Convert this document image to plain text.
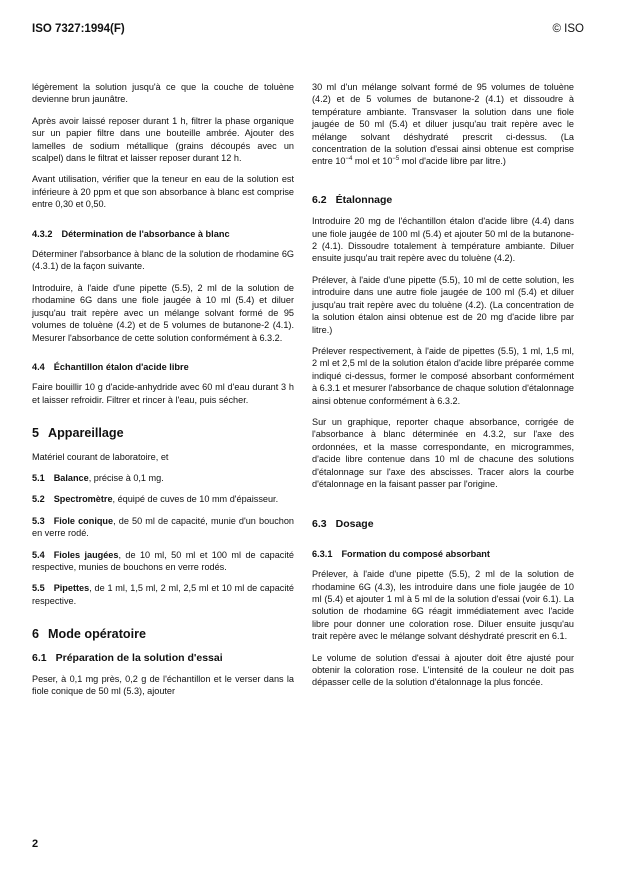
ISO 7327:1994(F)	© ISO

légèrement la solution jusqu'à ce que la couche de toluène devienne brun jaunâtre.

Après avoir laissé reposer durant 1 h, filtrer la phase organique sur un papier filtre dans une bouteille ambrée. Ajouter des lamelles de sodium métallique (grains découpés avec un scalpel) dans le filtrat et laisser reposer durant 12 h.

Avant utilisation, vérifier que la teneur en eau de la solution est inférieure à 20 ppm et que son absorbance à blanc est comprise entre 0,30 et 0,50.

4.3.2 Détermination de l'absorbance à blanc

Déterminer l'absorbance à blanc de la solution de rhodamine 6G (4.3.1) de la façon suivante.

Introduire, à l'aide d'une pipette (5.5), 2 ml de la solution de rhodamine 6G dans une fiole jaugée à 10 ml (5.4) et diluer jusqu'au trait repère avec un mélange solvant formé de 95 volumes de toluène (4.2) et de 5 volumes de butanone-2 (4.1). Mesurer l'absorbance de cette solution conformément à 6.3.2.

4.4 Échantillon étalon d'acide libre

Faire bouillir 10 g d'acide-anhydride avec 60 ml d'eau durant 3 h et laisser refroidir. Filtrer et rincer à l'eau, puis sécher.

5 Appareillage

Matériel courant de laboratoire, et

5.1 Balance, précise à 0,1 mg.

5.2 Spectromètre, équipé de cuves de 10 mm d'épaisseur.

5.3 Fiole conique, de 50 ml de capacité, munie d'un bouchon en verre rodé.

5.4 Fioles jaugées, de 10 ml, 50 ml et 100 ml de capacité respective, munies de bouchons en verre rodés.

5.5 Pipettes, de 1 ml, 1,5 ml, 2 ml, 2,5 ml et 10 ml de capacité respective.

6 Mode opératoire
6.1 Préparation de la solution d'essai

Peser, à 0,1 mg près, 0,2 g de l'échantillon et le verser dans la fiole conique de 50 ml (5.3), ajouter

30 ml d'un mélange solvant formé de 95 volumes de toluène (4.2) et de 5 volumes de butanone-2 (4.1) et dissoudre à température ambiante. Transvaser la solution dans une fiole jaugée de 50 ml (5.4) et diluer jusqu'au trait repère avec le mélange solvant déshydraté prescrit ci-dessus. (La concentration de la solution d'essai ainsi obtenue est comprise entre $10^{-4}$ mol et $10^{-5}$ mol d'acide libre par litre.)

6.2 Étalonnage

Introduire 20 mg de l'échantillon étalon d'acide libre (4.4) dans une fiole jaugée de 100 ml (5.4) et ajouter 50 ml de la butanone-2 (4.1). Dissoudre totalement à température ambiante. Diluer ensuite jusqu'au trait repère avec du toluène (4.2).

Prélever, à l'aide d'une pipette (5.5), 10 ml de cette solution, les introduire dans une autre fiole jaugée de 100 ml (5.4) et diluer jusqu'au trait repère avec du toluène (4.2). (La concentration de la solution étalon ainsi obtenue est de 20 mg d'acide libre par litre.)

Prélever respectivement, à l'aide de pipettes (5.5), 1 ml, 1,5 ml, 2 ml et 2,5 ml de la solution étalon d'acide libre préparée comme indiqué ci-dessus, former le composé absorbant conformément à 6.3.1 et mesurer l'absorbance de chaque solution d'étalonnage ainsi obtenue conformément à 6.3.2.

Sur un graphique, reporter chaque absorbance, corrigée de l'absorbance à blanc déterminée en 4.3.2, sur l'axe des ordonnées, et la masse correspondante, en microgrammes, d'acide libre contenue dans 10 ml de chacune des solutions d'étalonnage sur l'axe des abscisses. Tracer alors la courbe d'étalonnage en la faisant passer par l'origine.

6.3 Dosage
6.3.1 Formation du composé absorbant

Prélever, à l'aide d'une pipette (5.5), 2 ml de la solution de rhodamine 6G (4.3), les introduire dans une fiole jaugée de 10 ml (5.4) et ajouter 1 ml à 5 ml de la solution d'essai (voir 6.1). La solution de rhodamine 6G réagit immédiatement avec l'acide libre pour donner une coloration rose. Diluer ensuite jusqu'au trait repère avec le mélange solvant déshydraté prescrit en 6.1.

Le volume de solution d'essai à ajouter doit être ajusté pour obtenir la coloration rose. L'intensité de la couleur ne doit pas dépasser celle de la solution d'étalonnage la plus foncée.

2
